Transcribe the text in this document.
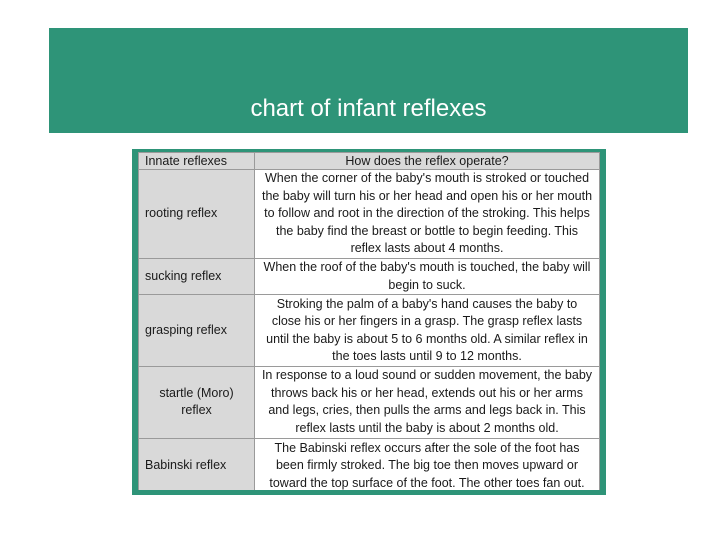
chart of infant reflexes
Innate reflexes	How does the reflex operate?
rooting reflex	When the corner of the baby's mouth is stroked or touched
the baby will turn his or her head and open his or her mouth
to follow and root in the direction of the stroking. This helps
the baby find the breast or bottle to begin feeding. This
reflex lasts about 4 months.

sucking reflex	When the roof of the baby's mouth is touched, the baby will
begin to suck.

grasping reflex	Stroking the palm of a baby's hand causes the baby to
close his or her fingers in a grasp. The grasp reflex lasts
until the baby is about 5 to 6 months old. A similar reflex in
the toes lasts until 9 to 12 months.

startle (Moro)
reflex	In response to a loud sound or sudden movement, the baby
throws back his or her head, extends out his or her arms
and legs, cries, then pulls the arms and legs back in. This
reflex lasts until the baby is about 2 months old.

Babinski reflex	The Babinski reflex occurs after the sole of the foot has
been firmly stroked. The big toe then moves upward or
toward the top surface of the foot. The other toes fan out.
